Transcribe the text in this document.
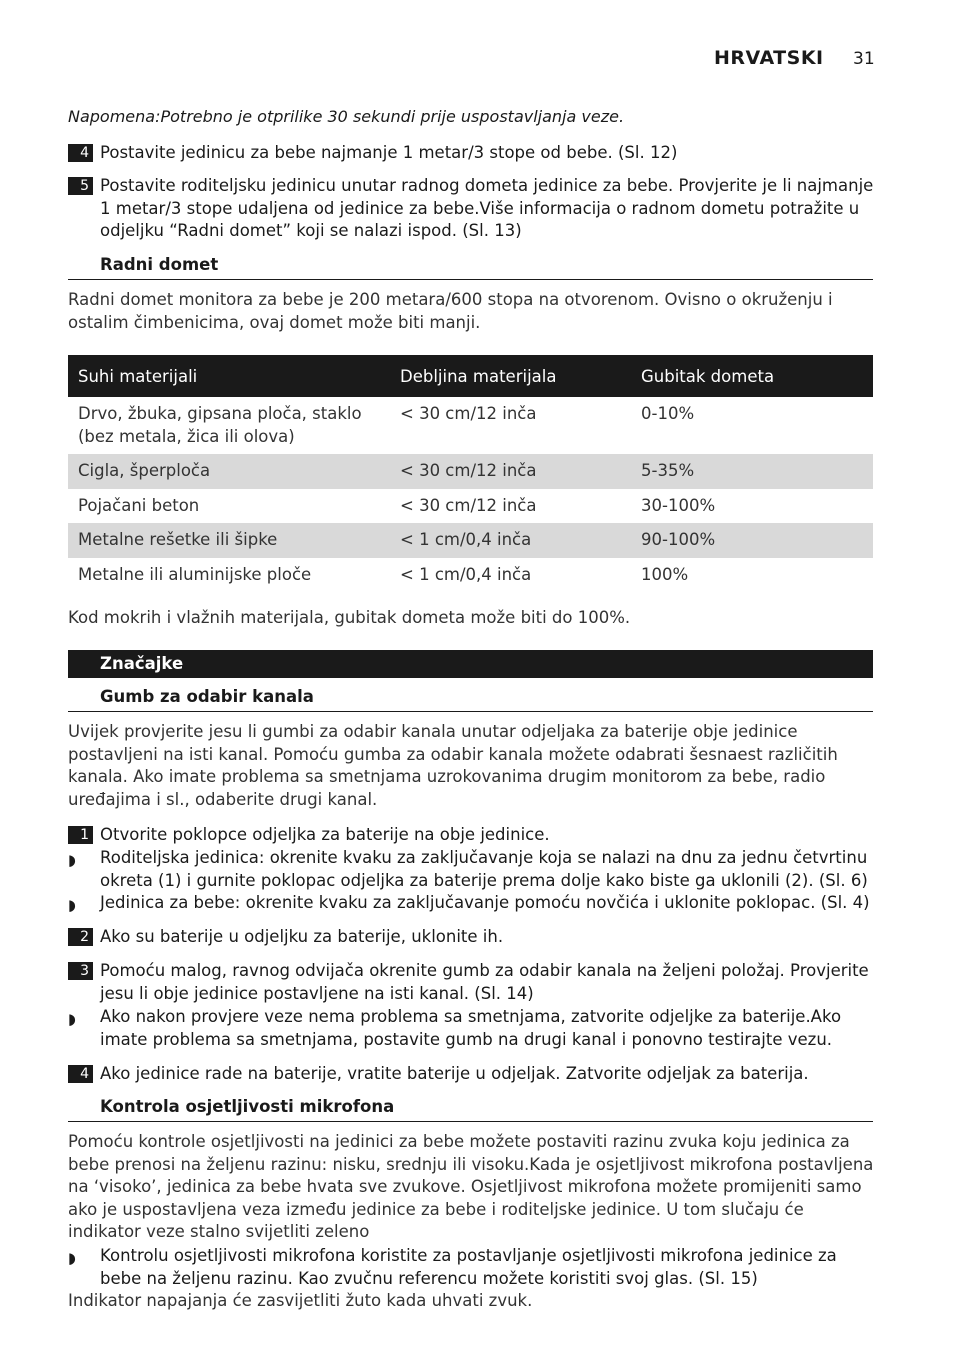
HRVATSKI 31
Napomena:Potrebno je otprilike 30 sekundi prije uspostavljanja veze.
4 Postavite jedinicu za bebe najmanje 1 metar/3 stope od bebe. (Sl. 12)
5 Postavite roditeljsku jedinicu unutar radnog dometa jedinice za bebe. Provjerite je li najmanje 1 metar/3 stope udaljena od jedinice za bebe.Više informacija o radnom dometu potražite u odjeljku “Radni domet” koji se nalazi ispod. (Sl. 13)
Radni domet
Radni domet monitora za bebe je 200 metara/600 stopa na otvorenom. Ovisno o okruženju i ostalim čimbenicima, ovaj domet može biti manji.
Suhi materijali	Debljina materijala	Gubitak dometa
Drvo, žbuka, gipsana ploča, staklo (bez metala, žica ili olova)	< 30 cm/12 inča	0-10%
Cigla, šperploča	< 30 cm/12 inča	5-35%
Pojačani beton	< 30 cm/12 inča	30-100%
Metalne rešetke ili šipke	< 1 cm/0,4 inča	90-100%
Metalne ili aluminijske ploče	< 1 cm/0,4 inča	100%
Kod mokrih i vlažnih materijala, gubitak dometa može biti do 100%.
Značajke
Gumb za odabir kanala
Uvijek provjerite jesu li gumbi za odabir kanala unutar odjeljaka za baterije obje jedinice postavljeni na isti kanal. Pomoću gumba za odabir kanala možete odabrati šesnaest različitih kanala. Ako imate problema sa smetnjama uzrokovanima drugim monitorom za bebe, radio uređajima i sl., odaberite drugi kanal.
1 Otvorite poklopce odjeljka za baterije na obje jedinice.
◗ Roditeljska jedinica: okrenite kvaku za zaključavanje koja se nalazi na dnu za jednu četvrtinu okreta (1) i gurnite poklopac odjeljka za baterije prema dolje kako biste ga uklonili (2). (Sl. 6)
◗ Jedinica za bebe: okrenite kvaku za zaključavanje pomoću novčića i uklonite poklopac. (Sl. 4)
2 Ako su baterije u odjeljku za baterije, uklonite ih.
3 Pomoću malog, ravnog odvijača okrenite gumb za odabir kanala na željeni položaj. Provjerite jesu li obje jedinice postavljene na isti kanal. (Sl. 14)
◗ Ako nakon provjere veze nema problema sa smetnjama, zatvorite odjeljke za baterije.Ako imate problema sa smetnjama, postavite gumb na drugi kanal i ponovno testirajte vezu.
4 Ako jedinice rade na baterije, vratite baterije u odjeljak. Zatvorite odjeljak za baterija.
Kontrola osjetljivosti mikrofona
Pomoću kontrole osjetljivosti na jedinici za bebe možete postaviti razinu zvuka koju jedinica za bebe prenosi na željenu razinu: nisku, srednju ili visoku.Kada je osjetljivost mikrofona postavljena na ‘visoko’, jedinica za bebe hvata sve zvukove. Osjetljivost mikrofona možete promijeniti samo ako je uspostavljena veza između jedinice za bebe i roditeljske jedinice. U tom slučaju će indikator veze stalno svijetliti zeleno
◗ Kontrolu osjetljivosti mikrofona koristite za postavljanje osjetljivosti mikrofona jedinice za bebe na željenu razinu. Kao zvučnu referencu možete koristiti svoj glas. (Sl. 15)
Indikator napajanja će zasvijetliti žuto kada uhvati zvuk.
